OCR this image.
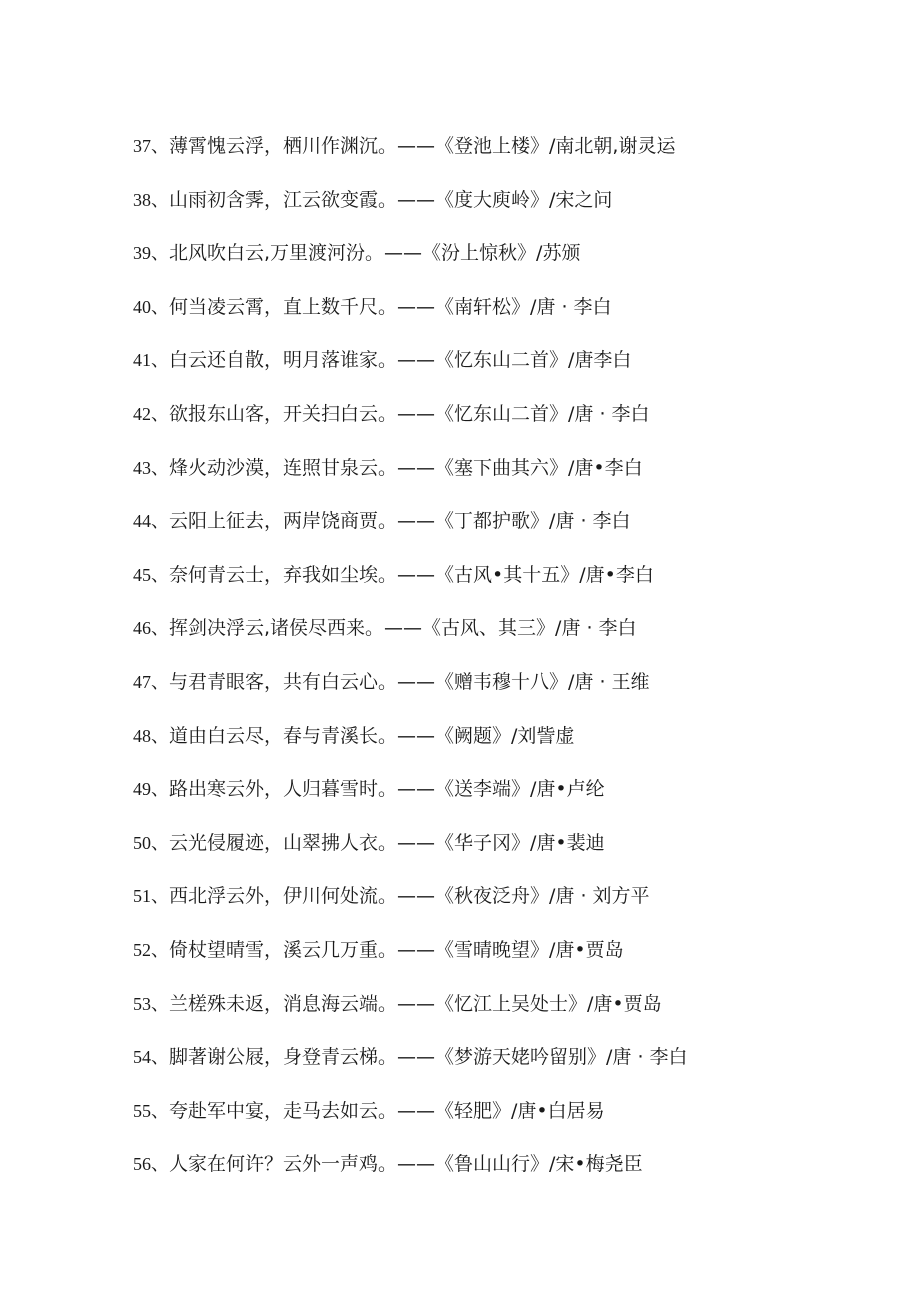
37、薄霄愧云浮，栖川作渊沉。——《登池上楼》/南北朝,谢灵运
38、山雨初含霁，江云欲变霞。——《度大庾岭》/宋之问
39、北风吹白云,万里渡河汾。——《汾上惊秋》/苏颁
40、何当凌云霄，直上数千尺。——《南轩松》/唐 · 李白
41、白云还自散，明月落谁家。——《忆东山二首》/唐李白
42、欲报东山客，开关扫白云。——《忆东山二首》/唐 · 李白
43、烽火动沙漠，连照甘泉云。——《塞下曲其六》/唐•李白
44、云阳上征去，两岸饶商贾。——《丁都护歌》/唐 · 李白
45、奈何青云士，弃我如尘埃。——《古风•其十五》/唐•李白
46、挥剑决浮云,诸侯尽西来。——《古风、其三》/唐 · 李白
47、与君青眼客，共有白云心。——《赠韦穆十八》/唐 · 王维
48、道由白云尽，春与青溪长。——《阙题》/刘訾虚
49、路出寒云外，人归暮雪时。——《送李端》/唐•卢纶
50、云光侵履迹，山翠拂人衣。——《华子冈》/唐•裴迪
51、西北浮云外，伊川何处流。——《秋夜泛舟》/唐 · 刘方平
52、倚杖望晴雪，溪云几万重。——《雪晴晚望》/唐•贾岛
53、兰槎殊未返，消息海云端。——《忆江上吴处士》/唐•贾岛
54、脚著谢公屐，身登青云梯。——《梦游天姥吟留别》/唐 · 李白
55、夸赴军中宴，走马去如云。——《轻肥》/唐•白居易
56、人家在何许？云外一声鸡。——《鲁山山行》/宋•梅尧臣
